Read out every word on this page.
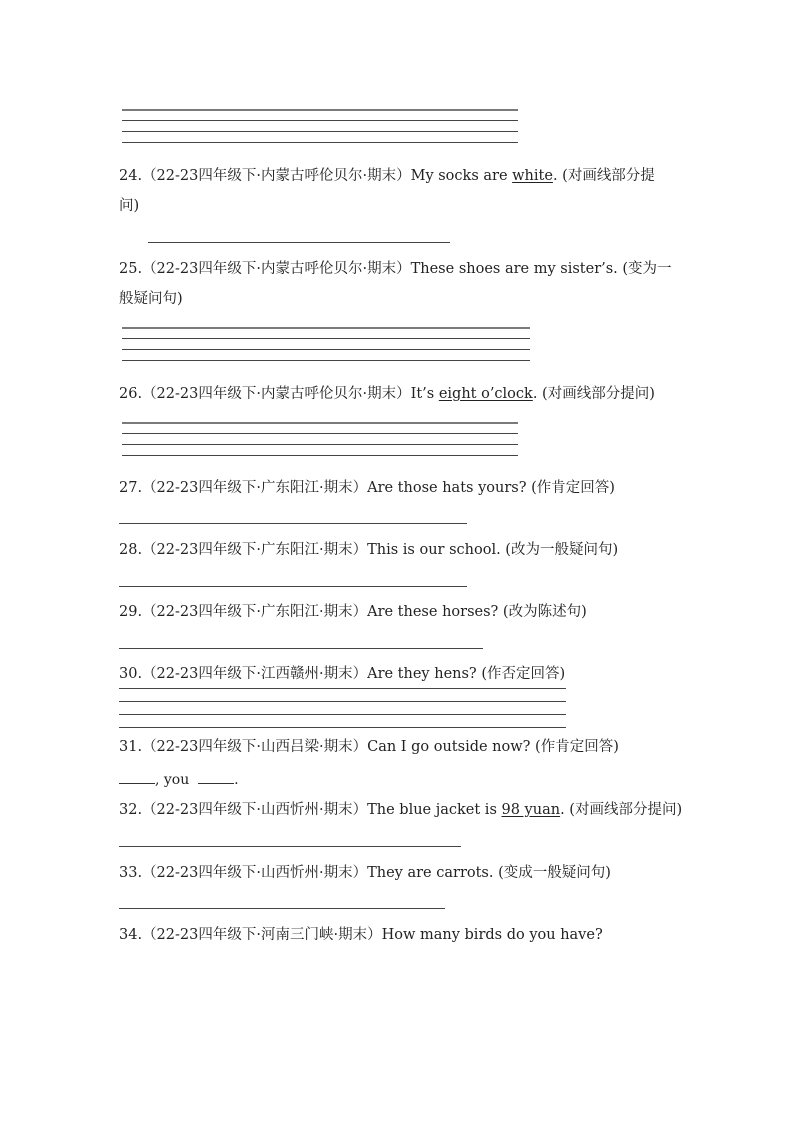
24.（22-23四年级下·内蒙古呼伦贝尔·期末）My socks are white. (对画线部分提
问)
25.（22-23四年级下·内蒙古呼伦贝尔·期末）These shoes are my sister’s. (变为一
般疑问句)
26.（22-23四年级下·内蒙古呼伦贝尔·期末）It’s eight o’clock. (对画线部分提问)
27.（22-23四年级下·广东阳江·期末）Are those hats yours? (作肯定回答)
28.（22-23四年级下·广东阳江·期末）This is our school. (改为一般疑问句)
29.（22-23四年级下·广东阳江·期末）Are these horses? (改为陈述句)
30.（22-23四年级下·江西赣州·期末）Are they hens? (作否定回答)
31.（22-23四年级下·山西吕梁·期末）Can I go outside now? (作肯定回答)
, you	.
32.（22-23四年级下·山西忻州·期末）The blue jacket is 98 yuan. (对画线部分提问)
33.（22-23四年级下·山西忻州·期末）They are carrots. (变成一般疑问句)
34.（22-23四年级下·河南三门峡·期末）How many birds do you have?
